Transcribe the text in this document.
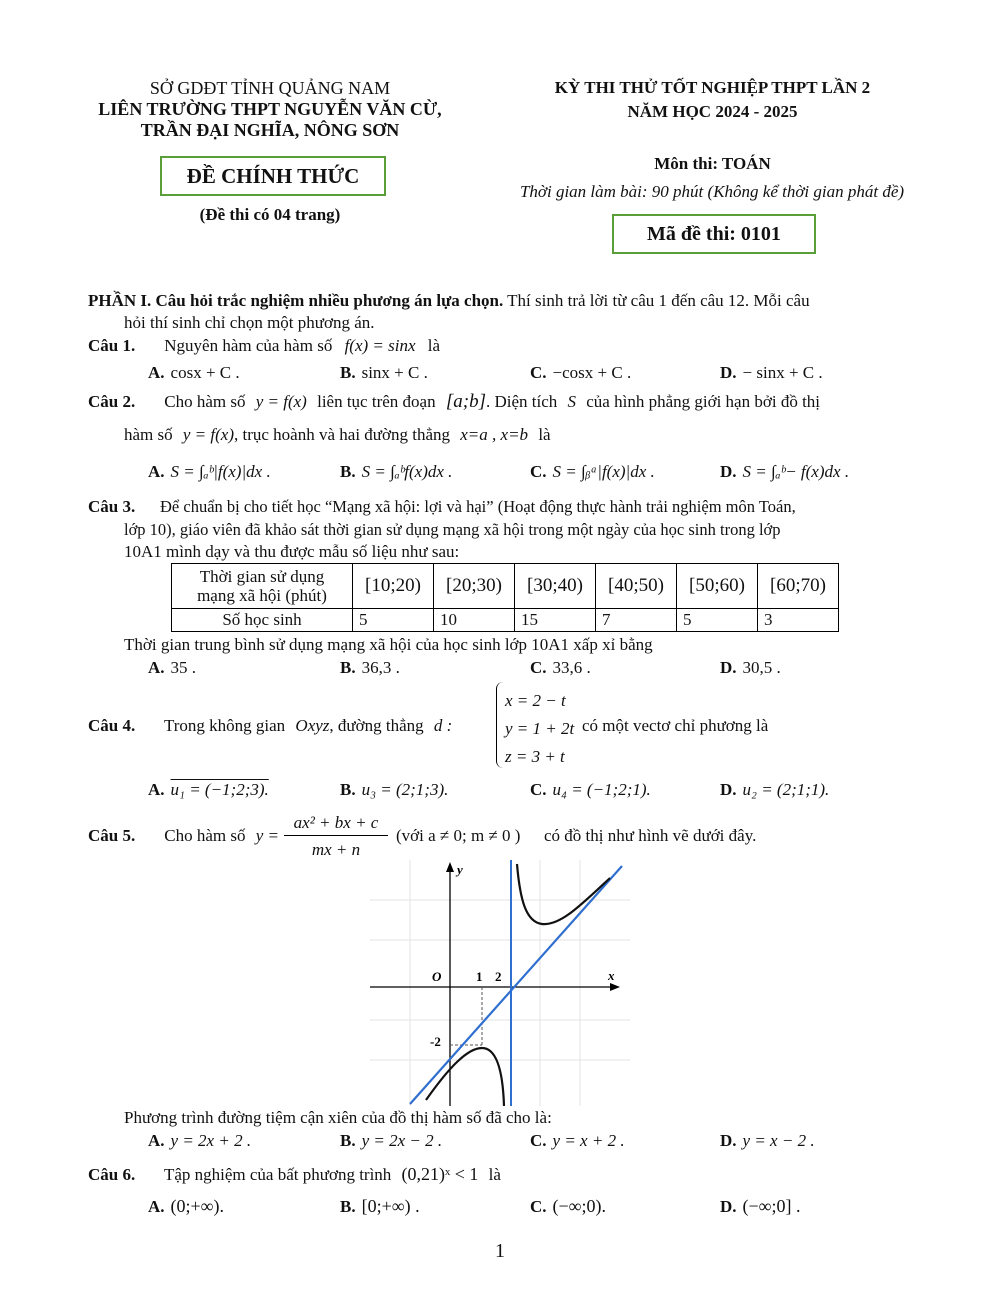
SỞ GDĐT TỈNH QUẢNG NAM
LIÊN TRƯỜNG THPT NGUYỄN VĂN CỪ,
TRẦN ĐẠI NGHĨA, NÔNG SƠN
ĐỀ CHÍNH THỨC
(Đề thi có 04 trang)
KỲ THI THỬ TỐT NGHIỆP THPT LẦN 2
NĂM HỌC 2024 - 2025
Môn thi: TOÁN
Thời gian làm bài: 90 phút (Không kể thời gian phát đề)
Mã đề thi: 0101
PHẦN I. Câu hỏi trắc nghiệm nhiều phương án lựa chọn. Thí sinh trả lời từ câu 1 đến câu 12. Mỗi câu
hỏi thí sinh chỉ chọn một phương án.
Câu 1. Nguyên hàm của hàm số f(x) = sinx là
A. cosx + C .	B. sinx + C .	C. −cosx + C .	D. − sinx + C .
Câu 2. Cho hàm số y = f(x) liên tục trên đoạn [a;b]. Diện tích S của hình phẳng giới hạn bởi đồ thị
hàm số y = f(x), trục hoành và hai đường thẳng x=a , x=b là
A. S = ∫ₐᵇ|f(x)|dx .	B. S = ∫ₐᵇf(x)dx .	C. S = ∫ᵦᵃ|f(x)|dx .	D. S = ∫ₐᵇ− f(x)dx .
Câu 3. Để chuẩn bị cho tiết học “Mạng xã hội: lợi và hại” (Hoạt động thực hành trải nghiệm môn Toán,
lớp 10), giáo viên đã khảo sát thời gian sử dụng mạng xã hội trong một ngày của học sinh trong lớp
10A1 mình dạy và thu được mẫu số liệu như sau:
Thời gian sử dụng
mạng xã hội (phút)	[10;20)	[20;30)	[30;40)	[40;50)	[50;60)	[60;70)
Số học sinh	5	10	15	7	5	3
Thời gian trung bình sử dụng mạng xã hội của học sinh lớp 10A1 xấp xỉ bằng
A. 35 .	B. 36,3 .	C. 33,6 .	D. 30,5 .
Câu 4. Trong không gian Oxyz, đường thẳng d :
x = 2 − t
y = 1 + 2t
z = 3 + t
có một vectơ chỉ phương là
A. u₁ = (−1;2;3).	B. u₃ = (2;1;3).	C. u₄ = (−1;2;1).	D. u₂ = (2;1;1).
Câu 5. Cho hàm số y =
ax² + bx + c
mx + n
(với a ≠ 0; m ≠ 0 ) có đồ thị như hình vẽ dưới đây.
y
x
O	1 2
-2
Phương trình đường tiệm cận xiên của đồ thị hàm số đã cho là:
A. y = 2x + 2 .	B. y = 2x − 2 .	C. y = x + 2 .	D. y = x − 2 .
Câu 6. Tập nghiệm của bất phương trình (0,21)ˣ < 1 là
A. (0;+∞).	B. [0;+∞) .	C. (−∞;0).	D. (−∞;0] .
1
